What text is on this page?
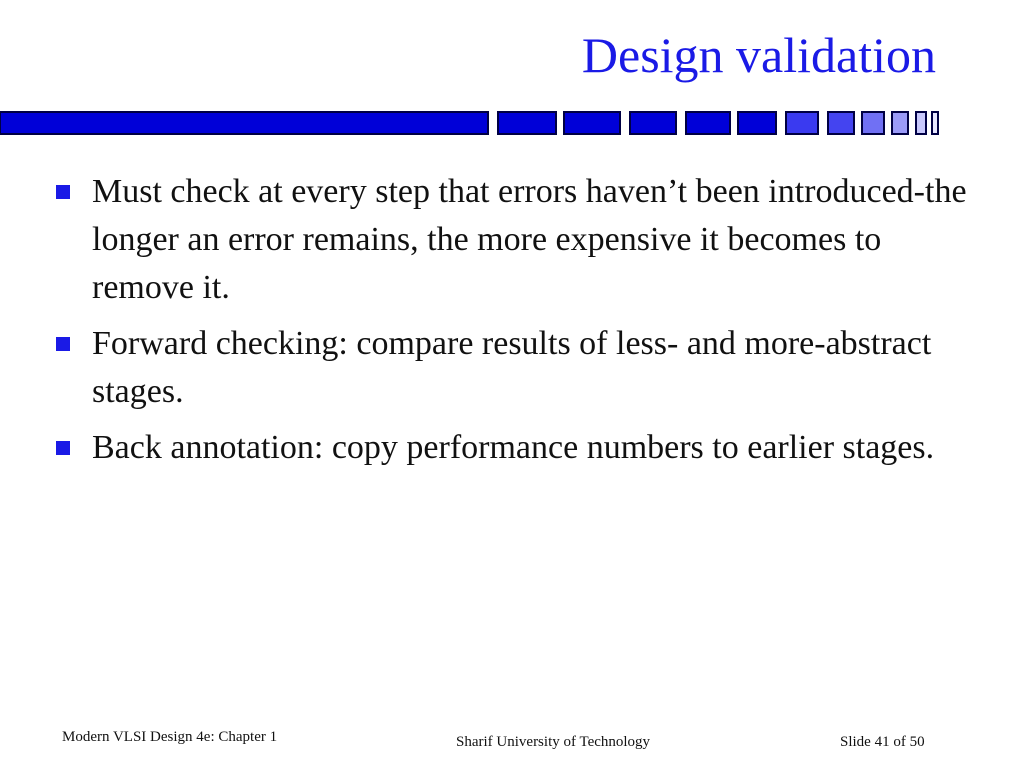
Design validation
Must check at every step that errors haven’t been introduced-the longer an error remains, the more expensive it becomes to remove it.
Forward checking: compare results of less- and more-abstract stages.
Back annotation: copy performance numbers to earlier stages.
Modern VLSI Design 4e: Chapter 1	Sharif University of Technology	Slide 41 of 50
